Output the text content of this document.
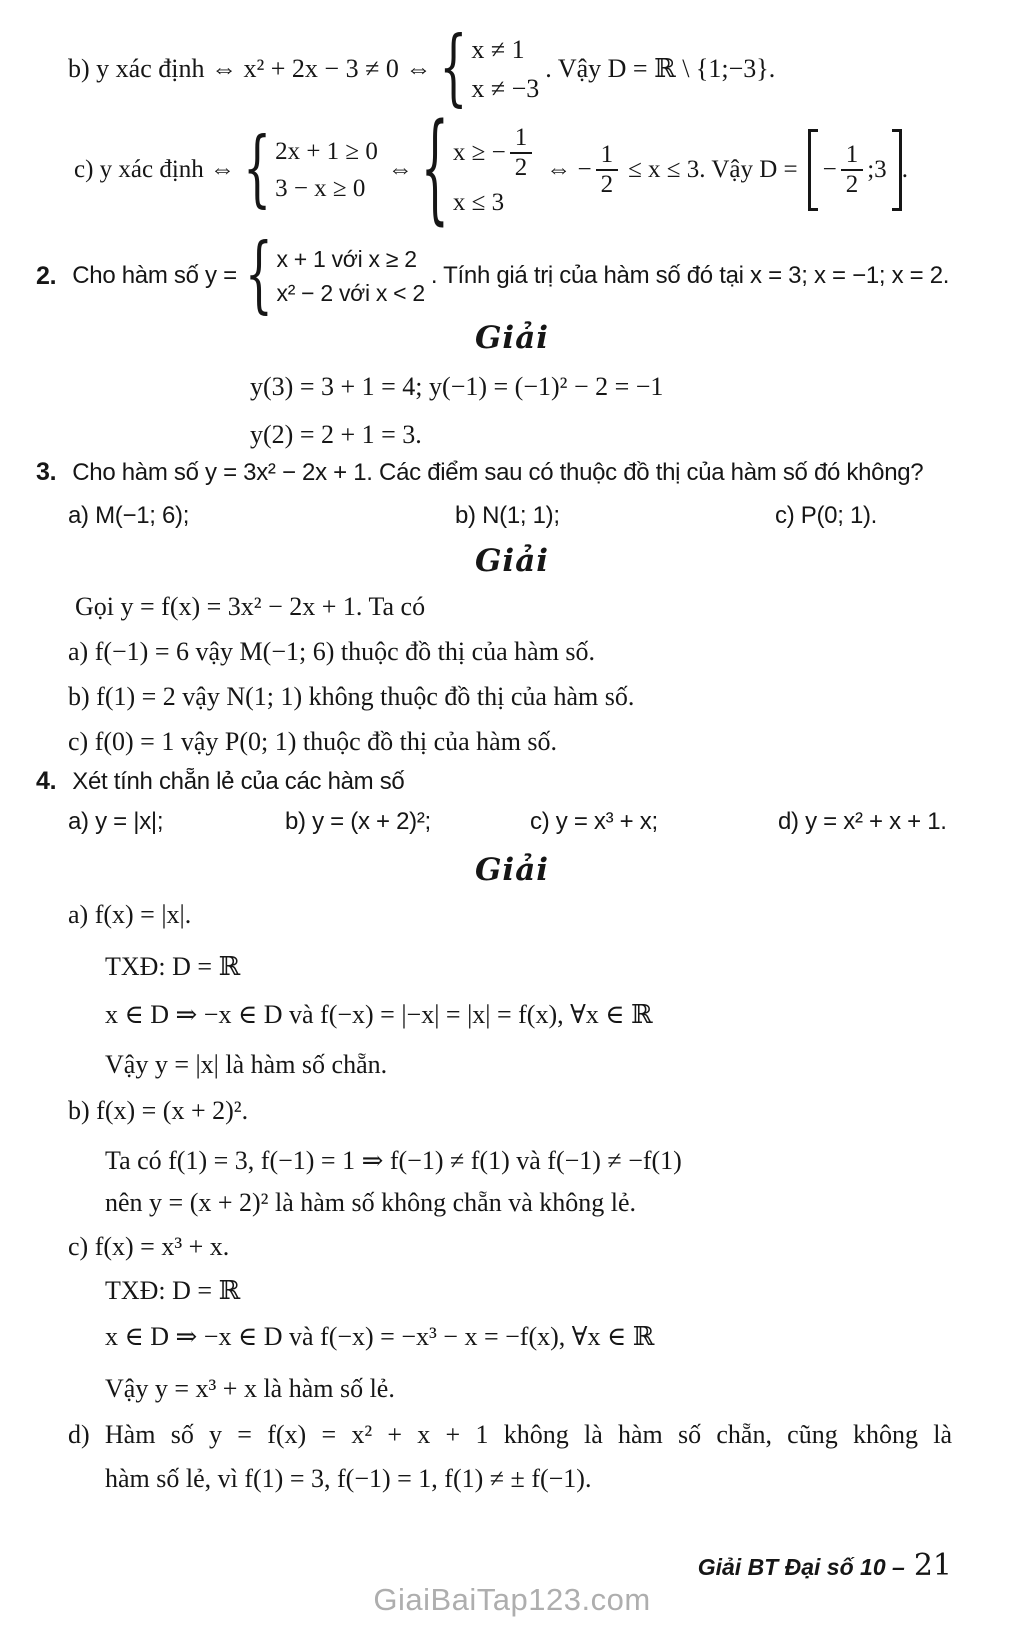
b) y xác định ⇔ x² + 2x − 3 ≠ 0 ⇔ { x ≠ 1
x ≠ −3
. Vậy D = ℝ \ {1;−3}.
c) y xác định ⇔ { 2x + 1 ≥ 0
3 − x ≥ 0
⇔ { x ≥ − $\frac{1}{2}$
x ≤ 3
⇔ − $\frac{1}{2} \le x \le 3$. Vậy D = − $\frac{1}{2}$ ;3 .
2. Cho hàm số y = { x + 1 với x ≥ 2
x² − 2 với x < 2
. Tính giá trị của hàm số đó tại x = 3; x = −1; x = 2.
Giải
y(3) = 3 + 1 = 4; y(−1) = (−1)² − 2 = −1
y(2) = 2 + 1 = 3.
3. Cho hàm số y = 3x² − 2x + 1. Các điểm sau có thuộc đồ thị của hàm số đó không?
a) M(−1; 6);	b) N(1; 1);	c) P(0; 1).
Giải
Gọi y = f(x) = 3x² − 2x + 1. Ta có
a) f(−1) = 6 vậy M(−1; 6) thuộc đồ thị của hàm số.
b) f(1) = 2 vậy N(1; 1) không thuộc đồ thị của hàm số.
c) f(0) = 1 vậy P(0; 1) thuộc đồ thị của hàm số.
4. Xét tính chẵn lẻ của các hàm số
a) y = |x|;	b) y = (x + 2)²;	c) y = x³ + x;	d) y = x² + x + 1.
Giải
a) f(x) = |x|.
TXĐ: D = ℝ
x ∈ D ⇒ −x ∈ D và f(−x) = |−x| = |x| = f(x), ∀x ∈ ℝ
Vậy y = |x| là hàm số chẵn.
b) f(x) = (x + 2)².
Ta có f(1) = 3, f(−1) = 1 ⇒ f(−1) ≠ f(1) và f(−1) ≠ −f(1)
nên y = (x + 2)² là hàm số không chẵn và không lẻ.
c) f(x) = x³ + x.
TXĐ: D = ℝ
x ∈ D ⇒ −x ∈ D và f(−x) = −x³ − x = −f(x), ∀x ∈ ℝ
Vậy y = x³ + x là hàm số lẻ.
d) Hàm số y = f(x) = x² + x + 1 không là hàm số chẵn, cũng không là
hàm số lẻ, vì f(1) = 3, f(−1) = 1, f(1) ≠ ± f(−1).
Giải BT Đại số 10 – 21
GiaiBaiTap123.com
